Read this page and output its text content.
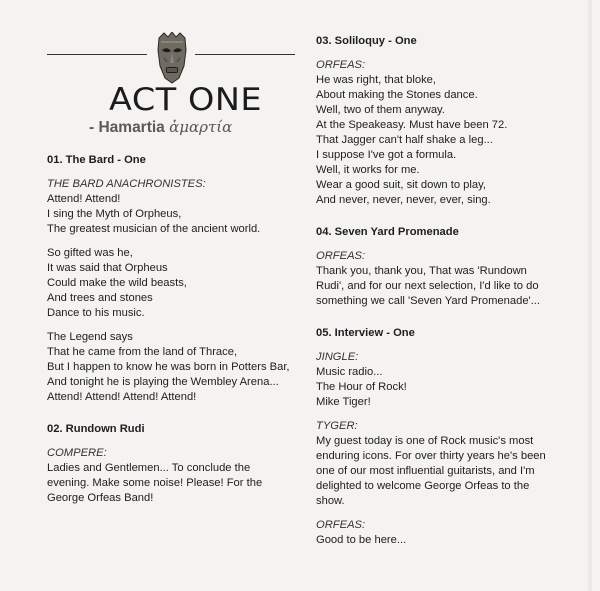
ACT ONE
- Hamartia ἁμαρτία
01. The Bard - One

THE BARD ANACHRONISTES:

Attend! Attend!
I sing the Myth of Orpheus,
The greatest musician of the ancient world.
So gifted was he,
It was said that Orpheus
Could make the wild beasts,
And trees and stones
Dance to his music.
The Legend says
That he came from the land of Thrace,
But I happen to know he was born in Potters Bar,
And tonight he is playing the Wembley Arena...
Attend! Attend! Attend! Attend!
02. Rundown Rudi

COMPERE:

Ladies and Gentlemen... To conclude the
evening. Make some noise! Please! For the
George Orfeas Band!
03. Soliloquy - One

ORFEAS:

He was right, that bloke,
About making the Stones dance.
Well, two of them anyway.
At the Speakeasy. Must have been 72.
That Jagger can't half shake a leg...
I suppose I've got a formula.
Well, it works for me.
Wear a good suit, sit down to play,
And never, never, never, ever, sing.
04. Seven Yard Promenade

ORFEAS:

Thank you, thank you, That was 'Rundown
Rudi', and for our next selection, I'd like to do
something we call 'Seven Yard Promenade'...
05. Interview - One

JINGLE:

Music radio...
The Hour of Rock!
Mike Tiger!

TYGER:

My guest today is one of Rock music's most
enduring icons. For over thirty years he's been
one of our most influential guitarists, and I'm
delighted to welcome George Orfeas to the
show.

ORFEAS:

Good to be here...
